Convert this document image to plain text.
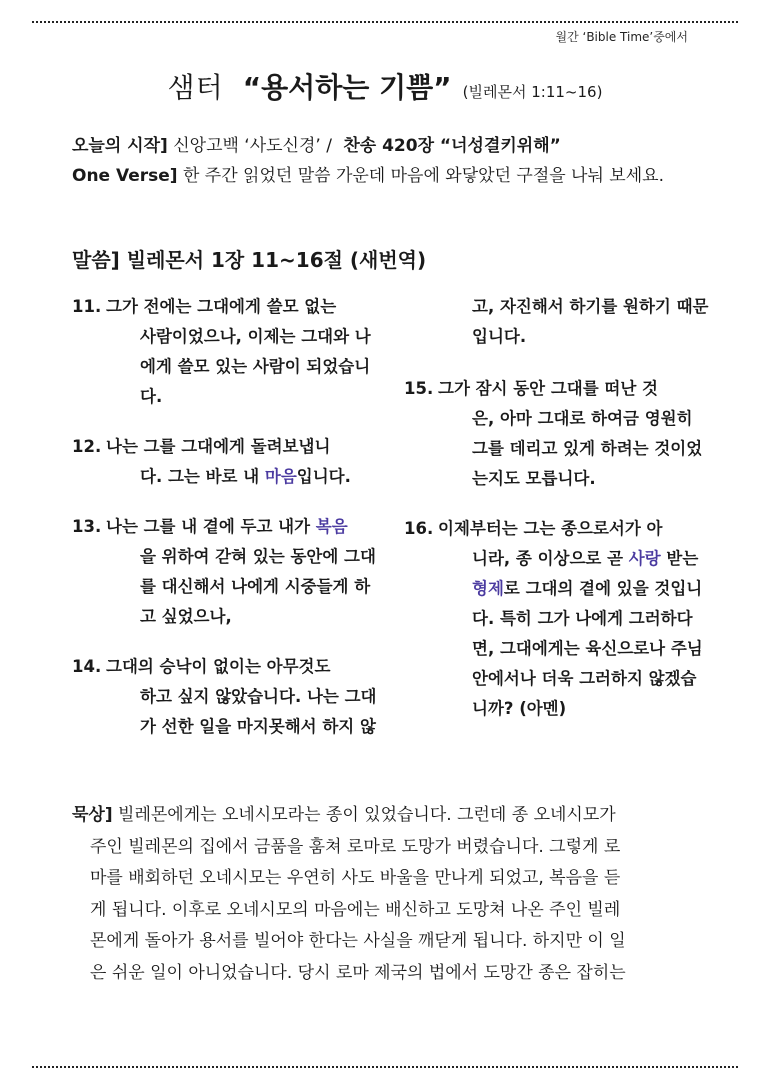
월간 ‘Bible Time’중에서
샘터 “용서하는 기쁨” (빌레몬서 1:11~16)
오늘의 시작] 신앙고백 ‘사도신경’ / 찬송 420장 “너성결키위해”
One Verse] 한 주간 읽었던 말씀 가운데 마음에 와닿았던 구절을 나눠 보세요.
말씀] 빌레몬서 1장 11~16절 (새번역)
11. 그가 전에는 그대에게 쓸모 없는
사람이었으나, 이제는 그대와 나
에게 쓸모 있는 사람이 되었습니
다.
12. 나는 그를 그대에게 돌려보냅니
다. 그는 바로 내 마음입니다.
13. 나는 그를 내 곁에 두고 내가 복음
을 위하여 갇혀 있는 동안에 그대
를 대신해서 나에게 시중들게 하
고 싶었으나,
14. 그대의 승낙이 없이는 아무것도
하고 싶지 않았습니다. 나는 그대
가 선한 일을 마지못해서 하지 않
고, 자진해서 하기를 원하기 때문
입니다.
15. 그가 잠시 동안 그대를 떠난 것
은, 아마 그대로 하여금 영원히
그를 데리고 있게 하려는 것이었
는지도 모릅니다.
16. 이제부터는 그는 종으로서가 아
니라, 종 이상으로 곧 사랑 받는
형제로 그대의 곁에 있을 것입니
다. 특히 그가 나에게 그러하다
면, 그대에게는 육신으로나 주님
안에서나 더욱 그러하지 않겠습
니까? (아멘)
묵상] 빌레몬에게는 오네시모라는 종이 있었습니다. 그런데 종 오네시모가
주인 빌레몬의 집에서 금품을 훔쳐 로마로 도망가 버렸습니다. 그렇게 로
마를 배회하던 오네시모는 우연히 사도 바울을 만나게 되었고, 복음을 듣
게 됩니다. 이후로 오네시모의 마음에는 배신하고 도망쳐 나온 주인 빌레
몬에게 돌아가 용서를 빌어야 한다는 사실을 깨닫게 됩니다. 하지만 이 일
은 쉬운 일이 아니었습니다. 당시 로마 제국의 법에서 도망간 종은 잡히는
